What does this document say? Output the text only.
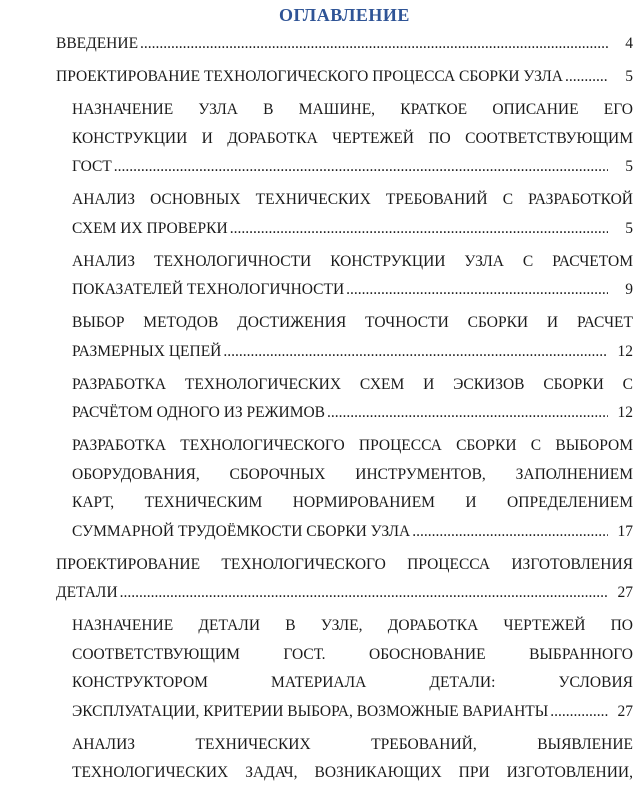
ОГЛАВЛЕНИЕ
ВВЕДЕНИЕ .....	4
ПРОЕКТИРОВАНИЕ ТЕХНОЛОГИЧЕСКОГО ПРОЦЕССА СБОРКИ УЗЛА .....	5
НАЗНАЧЕНИЕ УЗЛА В МАШИНЕ, КРАТКОЕ ОПИСАНИЕ ЕГО
КОНСТРУКЦИИ И ДОРАБОТКА ЧЕРТЕЖЕЙ ПО СООТВЕТСТВУЮЩИМ
ГОСТ .....	5
АНАЛИЗ ОСНОВНЫХ ТЕХНИЧЕСКИХ ТРЕБОВАНИЙ С РАЗРАБОТКОЙ
СХЕМ ИХ ПРОВЕРКИ .....	5
АНАЛИЗ ТЕХНОЛОГИЧНОСТИ КОНСТРУКЦИИ УЗЛА С РАСЧЕТОМ
ПОКАЗАТЕЛЕЙ ТЕХНОЛОГИЧНОСТИ .....	9
ВЫБОР МЕТОДОВ ДОСТИЖЕНИЯ ТОЧНОСТИ СБОРКИ И РАСЧЕТ
РАЗМЕРНЫХ ЦЕПЕЙ .....	12
РАЗРАБОТКА ТЕХНОЛОГИЧЕСКИХ СХЕМ И ЭСКИЗОВ СБОРКИ С
РАСЧЁТОМ ОДНОГО ИЗ РЕЖИМОВ .....	12
РАЗРАБОТКА ТЕХНОЛОГИЧЕСКОГО ПРОЦЕССА СБОРКИ С ВЫБОРОМ
ОБОРУДОВАНИЯ, СБОРОЧНЫХ ИНСТРУМЕНТОВ, ЗАПОЛНЕНИЕМ
КАРТ, ТЕХНИЧЕСКИМ НОРМИРОВАНИЕМ И ОПРЕДЕЛЕНИЕМ
СУММАРНОЙ ТРУДОЁМКОСТИ СБОРКИ УЗЛА .....	17
ПРОЕКТИРОВАНИЕ ТЕХНОЛОГИЧЕСКОГО ПРОЦЕССА ИЗГОТОВЛЕНИЯ
ДЕТАЛИ .....	27
НАЗНАЧЕНИЕ ДЕТАЛИ В УЗЛЕ, ДОРАБОТКА ЧЕРТЕЖЕЙ ПО
СООТВЕТСТВУЮЩИМ ГОСТ. ОБОСНОВАНИЕ ВЫБРАННОГО
КОНСТРУКТОРОМ МАТЕРИАЛА ДЕТАЛИ: УСЛОВИЯ
ЭКСПЛУАТАЦИИ, КРИТЕРИИ ВЫБОРА, ВОЗМОЖНЫЕ ВАРИАНТЫ .....	27
АНАЛИЗ ТЕХНИЧЕСКИХ ТРЕБОВАНИЙ, ВЫЯВЛЕНИЕ
ТЕХНОЛОГИЧЕСКИХ ЗАДАЧ, ВОЗНИКАЮЩИХ ПРИ ИЗГОТОВЛЕНИИ,
